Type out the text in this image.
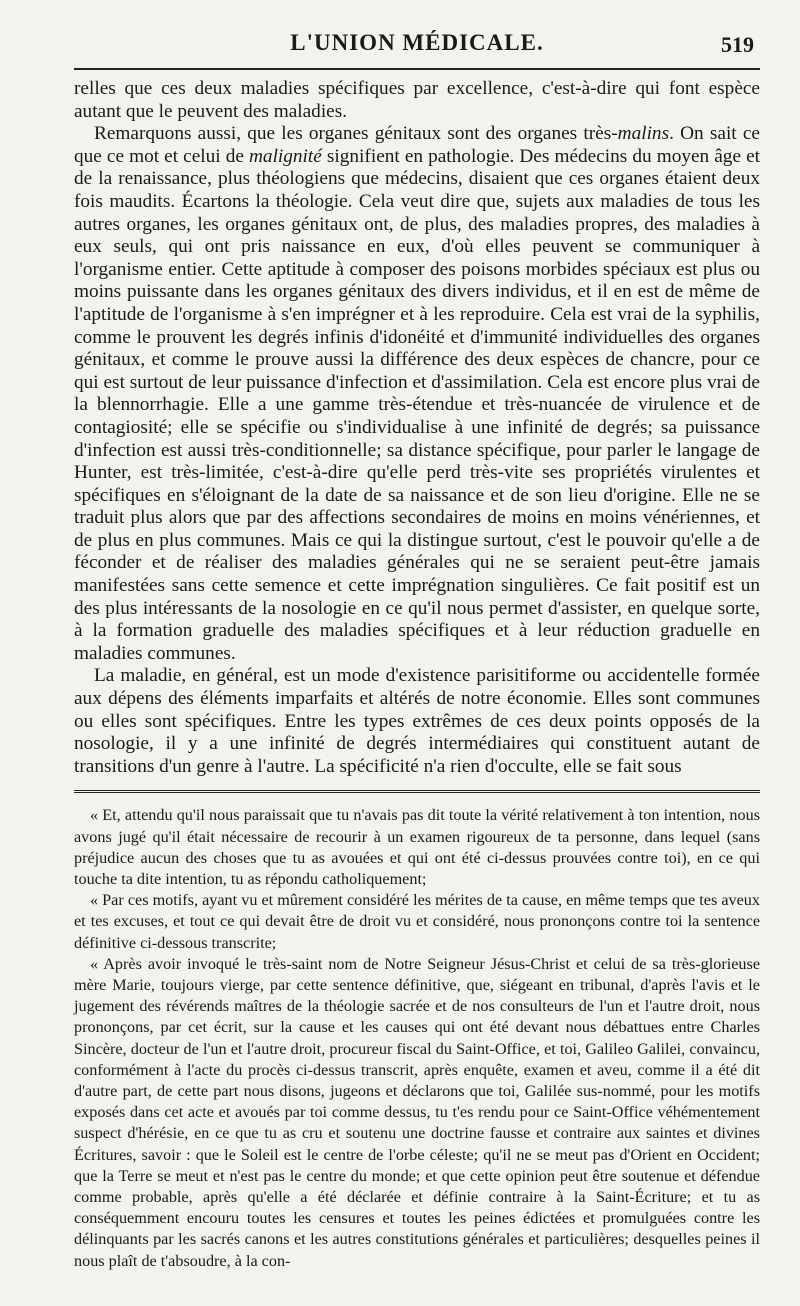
L'UNION MÉDICALE.	519

relles que ces deux maladies spécifiques par excellence, c'est-à-dire qui font espèce autant que le peuvent des maladies.

Remarquons aussi, que les organes génitaux sont des organes très-malins. On sait ce que ce mot et celui de malignité signifient en pathologie. Des médecins du moyen âge et de la renaissance, plus théologiens que médecins, disaient que ces organes étaient deux fois maudits. Écartons la théologie. Cela veut dire que, sujets aux maladies de tous les autres organes, les organes génitaux ont, de plus, des maladies propres, des maladies à eux seuls, qui ont pris naissance en eux, d'où elles peuvent se communiquer à l'organisme entier. Cette aptitude à composer des poisons morbides spéciaux est plus ou moins puissante dans les organes génitaux des divers individus, et il en est de même de l'aptitude de l'organisme à s'en imprégner et à les reproduire. Cela est vrai de la syphilis, comme le prouvent les degrés infinis d'idonéité et d'immunité individuelles des organes génitaux, et comme le prouve aussi la différence des deux espèces de chancre, pour ce qui est surtout de leur puissance d'infection et d'assimilation. Cela est encore plus vrai de la blennorrhagie. Elle a une gamme très-étendue et très-nuancée de virulence et de contagiosité; elle se spécifie ou s'individualise à une infinité de degrés; sa puissance d'infection est aussi très-conditionnelle; sa distance spécifique, pour parler le langage de Hunter, est très-limitée, c'est-à-dire qu'elle perd très-vite ses propriétés virulentes et spécifiques en s'éloignant de la date de sa naissance et de son lieu d'origine. Elle ne se traduit plus alors que par des affections secondaires de moins en moins vénériennes, et de plus en plus communes. Mais ce qui la distingue surtout, c'est le pouvoir qu'elle a de féconder et de réaliser des maladies générales qui ne se seraient peut-être jamais manifestées sans cette semence et cette imprégnation singulières. Ce fait positif est un des plus intéressants de la nosologie en ce qu'il nous permet d'assister, en quelque sorte, à la formation graduelle des maladies spécifiques et à leur réduction graduelle en maladies communes.

La maladie, en général, est un mode d'existence parisitiforme ou accidentelle formée aux dépens des éléments imparfaits et altérés de notre économie. Elles sont communes ou elles sont spécifiques. Entre les types extrêmes de ces deux points opposés de la nosologie, il y a une infinité de degrés intermédiaires qui constituent autant de transitions d'un genre à l'autre. La spécificité n'a rien d'occulte, elle se fait sous

« Et, attendu qu'il nous paraissait que tu n'avais pas dit toute la vérité relativement à ton intention, nous avons jugé qu'il était nécessaire de recourir à un examen rigoureux de ta personne, dans lequel (sans préjudice aucun des choses que tu as avouées et qui ont été ci-dessus prouvées contre toi), en ce qui touche ta dite intention, tu as répondu catholiquement;

« Par ces motifs, ayant vu et mûrement considéré les mérites de ta cause, en même temps que tes aveux et tes excuses, et tout ce qui devait être de droit vu et considéré, nous prononçons contre toi la sentence définitive ci-dessous transcrite;

« Après avoir invoqué le très-saint nom de Notre Seigneur Jésus-Christ et celui de sa très-glorieuse mère Marie, toujours vierge, par cette sentence définitive, que, siégeant en tribunal, d'après l'avis et le jugement des révérends maîtres de la théologie sacrée et de nos consulteurs de l'un et l'autre droit, nous prononçons, par cet écrit, sur la cause et les causes qui ont été devant nous débattues entre Charles Sincère, docteur de l'un et l'autre droit, procureur fiscal du Saint-Office, et toi, Galileo Galilei, convaincu, conformément à l'acte du procès ci-dessus transcrit, après enquête, examen et aveu, comme il a été dit d'autre part, de cette part nous disons, jugeons et déclarons que toi, Galilée sus-nommé, pour les motifs exposés dans cet acte et avoués par toi comme dessus, tu t'es rendu pour ce Saint-Office véhémentement suspect d'hérésie, en ce que tu as cru et soutenu une doctrine fausse et contraire aux saintes et divines Écritures, savoir : que le Soleil est le centre de l'orbe céleste; qu'il ne se meut pas d'Orient en Occident; que la Terre se meut et n'est pas le centre du monde; et que cette opinion peut être soutenue et défendue comme probable, après qu'elle a été déclarée et définie contraire à la Saint-Écriture; et tu as conséquemment encouru toutes les censures et toutes les peines édictées et promulguées contre les délinquants par les sacrés canons et les autres constitutions générales et particulières; desquelles peines il nous plaît de t'absoudre, à la con-
